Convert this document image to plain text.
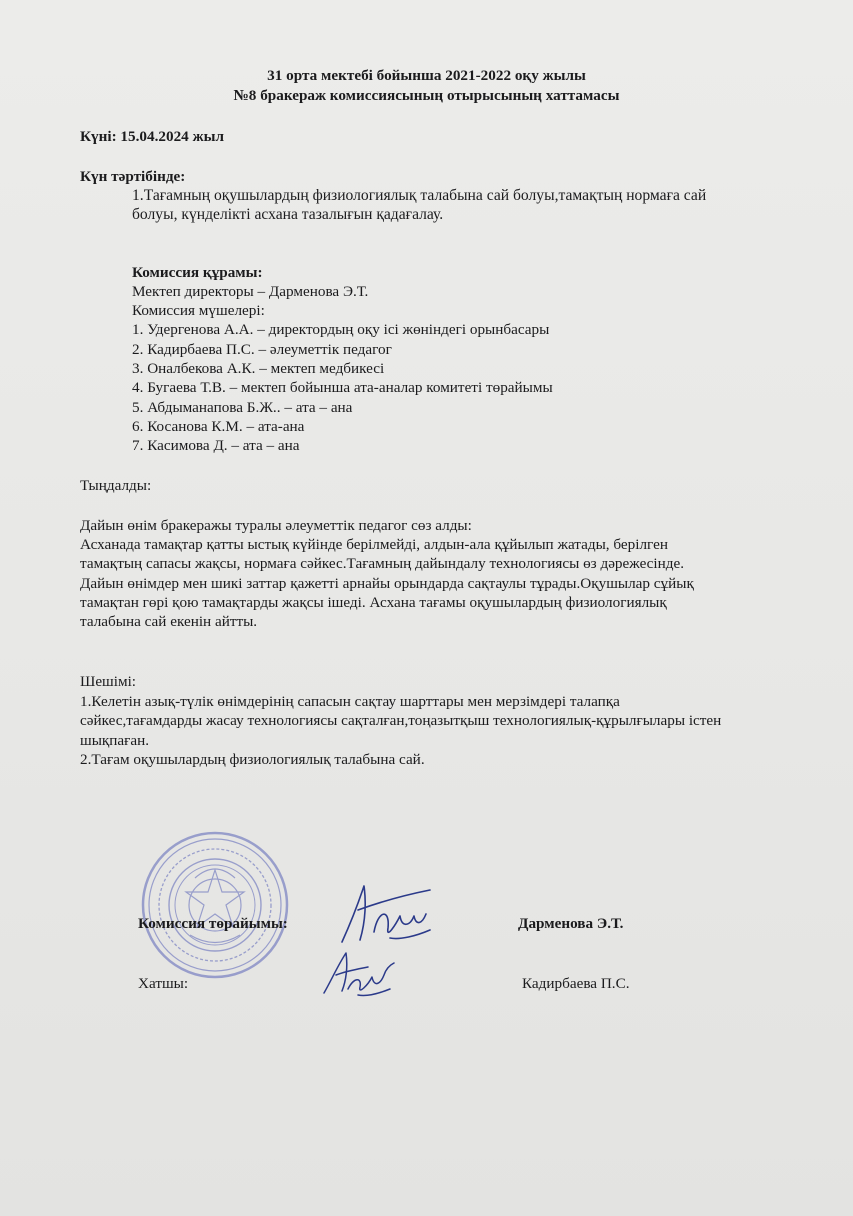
31 орта мектебі бойынша 2021-2022 оқу жылы
№8 бракераж комиссиясының отырысының хаттамасы
Күні: 15.04.2024 жыл
Күн тәртібінде:
1.Тағамның оқушылардың физиологиялық талабына сай болуы,тамақтың нормаға сай
болуы, күнделікті асхана тазалығын қадағалау.
Комиссия құрамы:
Мектеп директоры – Дарменова Э.Т.
Комиссия мүшелері:
1. Удергенова А.А. – директордың оқу ісі жөніндегі орынбасары
2. Кадирбаева П.С. – әлеуметтік педагог
3. Оналбекова А.К. – мектеп медбикесі
4. Бугаева Т.В. – мектеп бойынша ата-аналар комитеті төрайымы
5. Абдыманапова Б.Ж.. – ата – ана
6. Косанова К.М. – ата-ана
7. Касимова Д. – ата – ана
Тыңдалды:
Дайын өнім бракеражы туралы әлеуметтік педагог сөз алды:
Асханада тамақтар қатты ыстық күйінде берілмейді, алдын-ала құйылып жатады, берілген
тамақтың сапасы жақсы, нормаға сәйкес.Тағамның дайындалу технологиясы өз дәрежесінде.
Дайын өнімдер мен шикі заттар қажетті арнайы орындарда сақтаулы тұрады.Оқушылар сұйық
тамақтан гөрі қою тамақтарды жақсы ішеді. Асхана тағамы оқушылардың физиологиялық
талабына сай екенін айтты.
Шешімі:
1.Келетін азық-түлік өнімдерінің сапасын сақтау шарттары мен мерзімдері талапқа
сәйкес,тағамдарды жасау технологиясы сақталған,тоңазытқыш технологиялық-құрылғылары істен
шықпаған.
2.Тағам оқушылардың физиологиялық талабына сай.
Комиссия төрайымы:	Дарменова Э.Т.
Хатшы:	Кадирбаева П.С.
